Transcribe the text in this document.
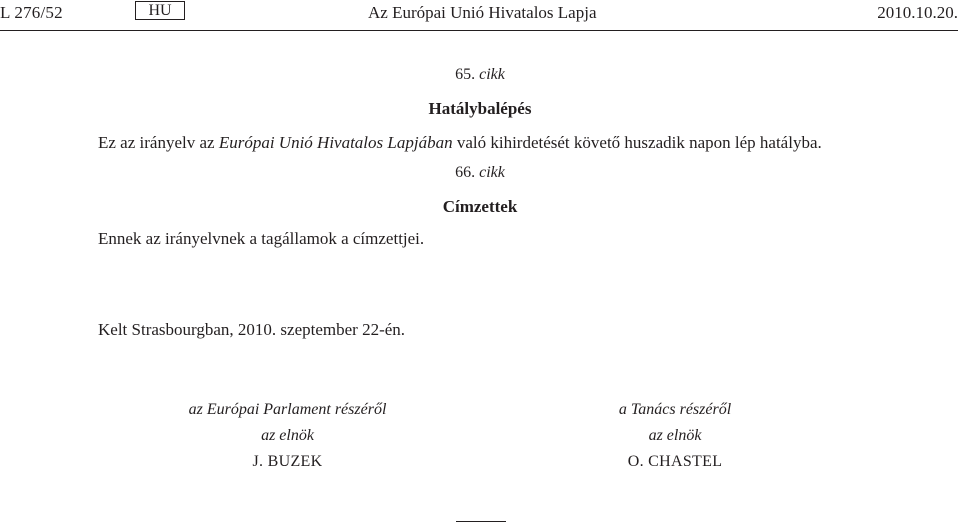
L 276/52	HU	Az Európai Unió Hivatalos Lapja	2010.10.20.
65. cikk
Hatálybalépés
Ez az irányelv az Európai Unió Hivatalos Lapjában való kihirdetését követő huszadik napon lép hatályba.
66. cikk
Címzettek
Ennek az irányelvnek a tagállamok a címzettjei.
Kelt Strasbourgban, 2010. szeptember 22-én.
az Európai Parlament részéről
az elnök
J. BUZEK
a Tanács részéről
az elnök
O. CHASTEL
